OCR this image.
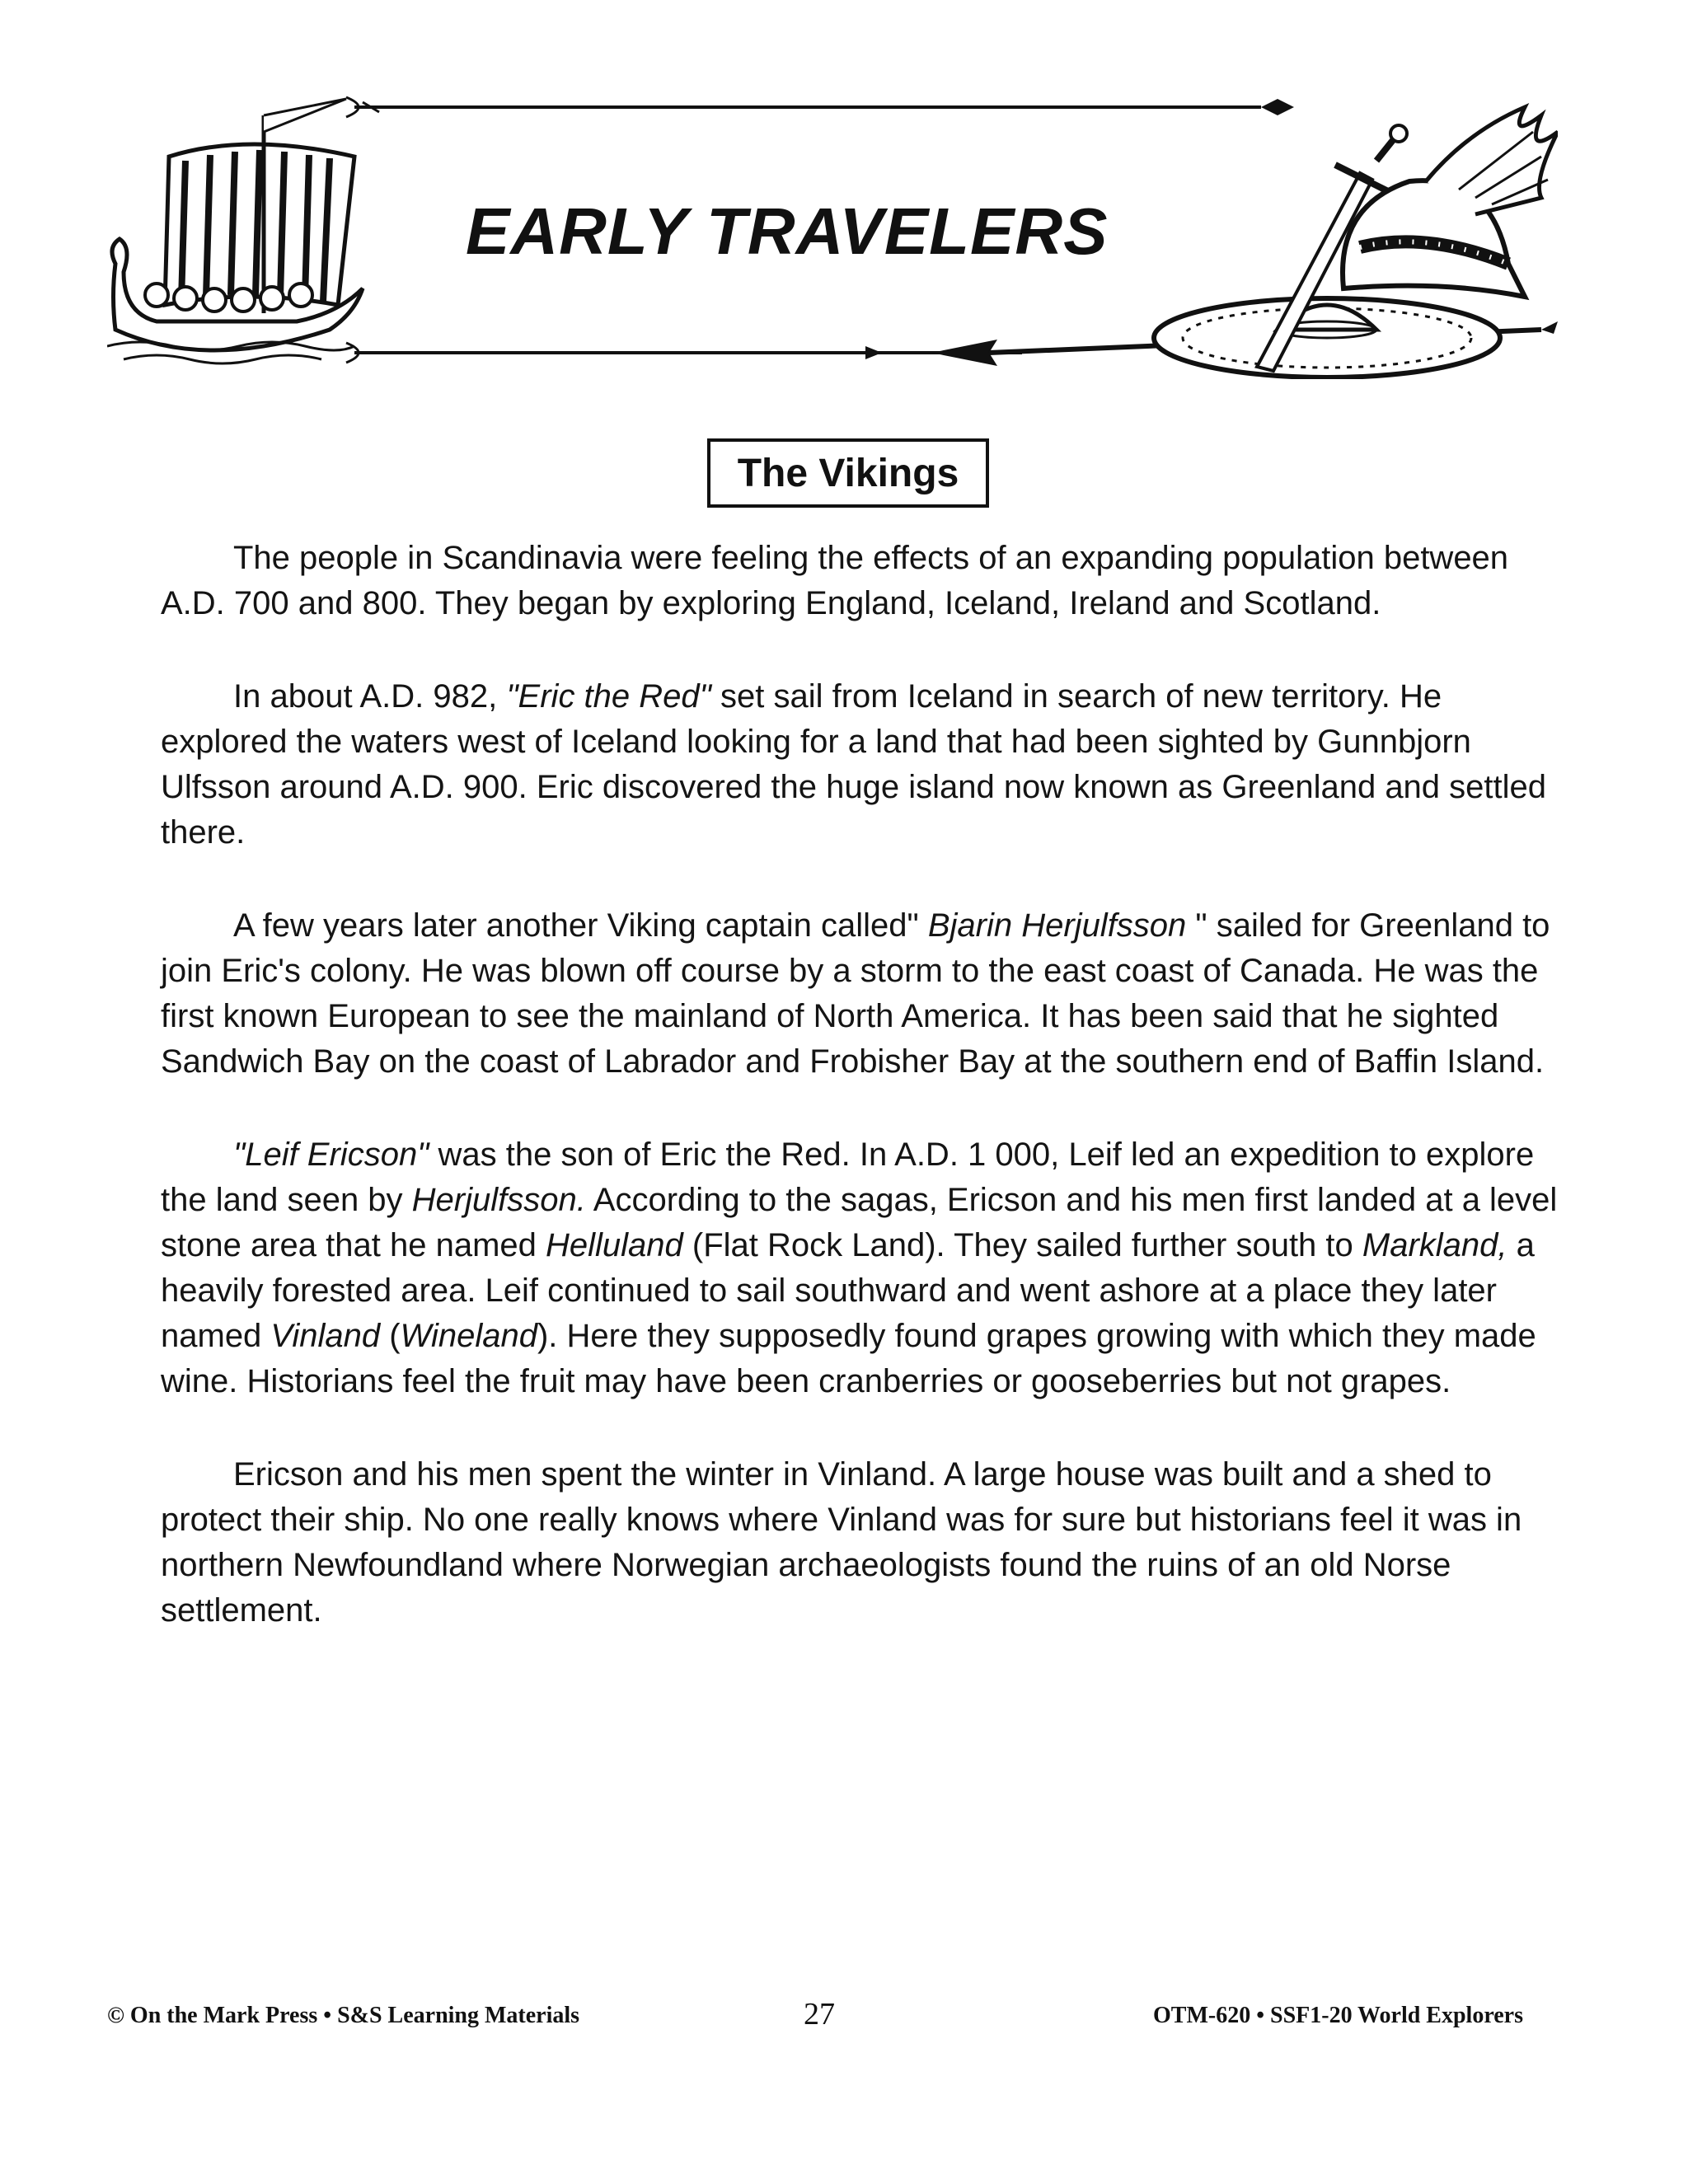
EARLY TRAVELERS
The Vikings

The people in Scandinavia were feeling the effects of an expanding population between A.D. 700 and 800. They began by exploring England, Iceland, Ireland and Scotland.

In about A.D. 982, "Eric the Red" set sail from Iceland in search of new territory. He explored the waters west of Iceland looking for a land that had been sighted by Gunnbjorn Ulfsson around A.D. 900. Eric discovered the huge island now known as Greenland and settled there.

A few years later another Viking captain called" Bjarin Herjulfsson " sailed for Greenland to join Eric's colony. He was blown off course by a storm to the east coast of Canada. He was the first known European to see the mainland of North America. It has been said that he sighted Sandwich Bay on the coast of Labrador and Frobisher Bay at the southern end of Baffin Island.

"Leif Ericson" was the son of Eric the Red. In A.D. 1 000, Leif led an expedition to explore the land seen by Herjulfsson. According to the sagas, Ericson and his men first landed at a level stone area that he named Helluland (Flat Rock Land). They sailed further south to Markland, a heavily forested area. Leif continued to sail southward and went ashore at a place they later named Vinland (Wineland). Here they supposedly found grapes growing with which they made wine. Historians feel the fruit may have been cranberries or gooseberries but not grapes.

Ericson and his men spent the winter in Vinland. A large house was built and a shed to protect their ship. No one really knows where Vinland was for sure but historians feel it was in northern Newfoundland where Norwegian archaeologists found the ruins of an old Norse settlement.

© On the Mark Press • S&S Learning Materials	27	OTM-620 • SSF1-20 World Explorers
